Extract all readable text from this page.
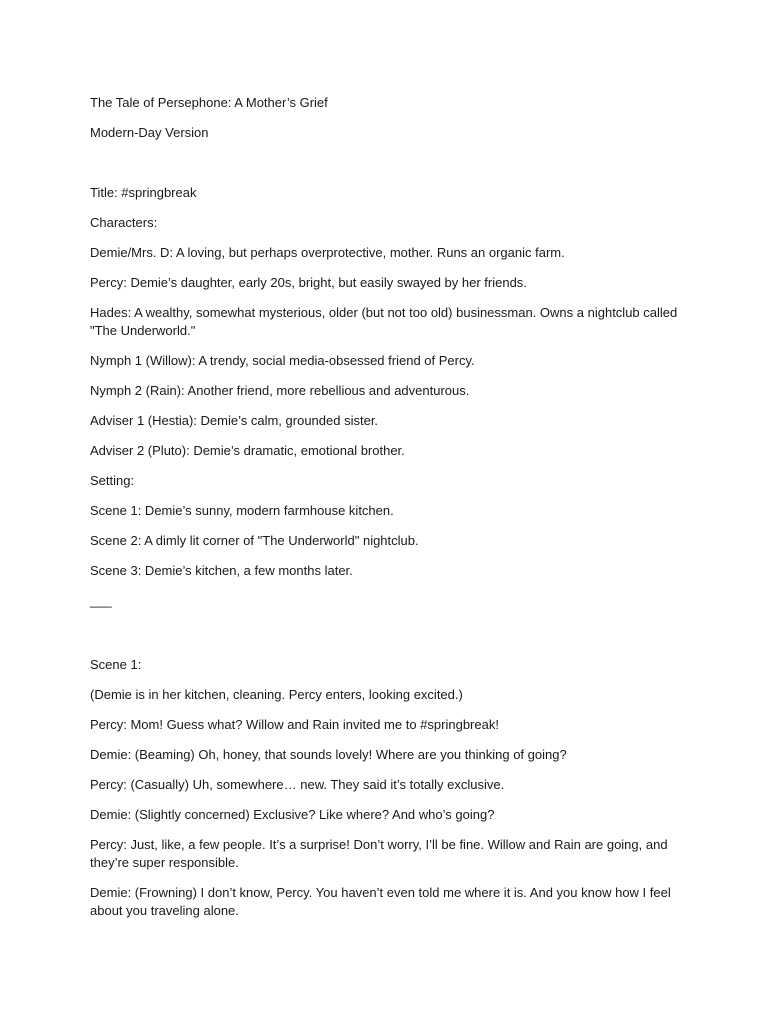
The Tale of Persephone: A Mother’s Grief

Modern-Day Version

Title: #springbreak

Characters:

Demie/Mrs. D: A loving, but perhaps overprotective, mother. Runs an organic farm.

Percy: Demie’s daughter, early 20s, bright, but easily swayed by her friends.

Hades: A wealthy, somewhat mysterious, older (but not too old) businessman. Owns a nightclub called "The Underworld."

Nymph 1 (Willow): A trendy, social media-obsessed friend of Percy.

Nymph 2 (Rain): Another friend, more rebellious and adventurous.

Adviser 1 (Hestia): Demie’s calm, grounded sister.

Adviser 2 (Pluto): Demie’s dramatic, emotional brother.

Setting:

Scene 1: Demie’s sunny, modern farmhouse kitchen.

Scene 2: A dimly lit corner of "The Underworld" nightclub.

Scene 3: Demie’s kitchen, a few months later.

___

Scene 1:

(Demie is in her kitchen, cleaning. Percy enters, looking excited.)

Percy: Mom! Guess what? Willow and Rain invited me to #springbreak!

Demie: (Beaming) Oh, honey, that sounds lovely! Where are you thinking of going?

Percy: (Casually) Uh, somewhere… new. They said it’s totally exclusive.

Demie: (Slightly concerned) Exclusive? Like where? And who’s going?

Percy: Just, like, a few people. It’s a surprise! Don’t worry, I’ll be fine. Willow and Rain are going, and they’re super responsible.

Demie: (Frowning) I don’t know, Percy. You haven’t even told me where it is. And you know how I feel about you traveling alone.
